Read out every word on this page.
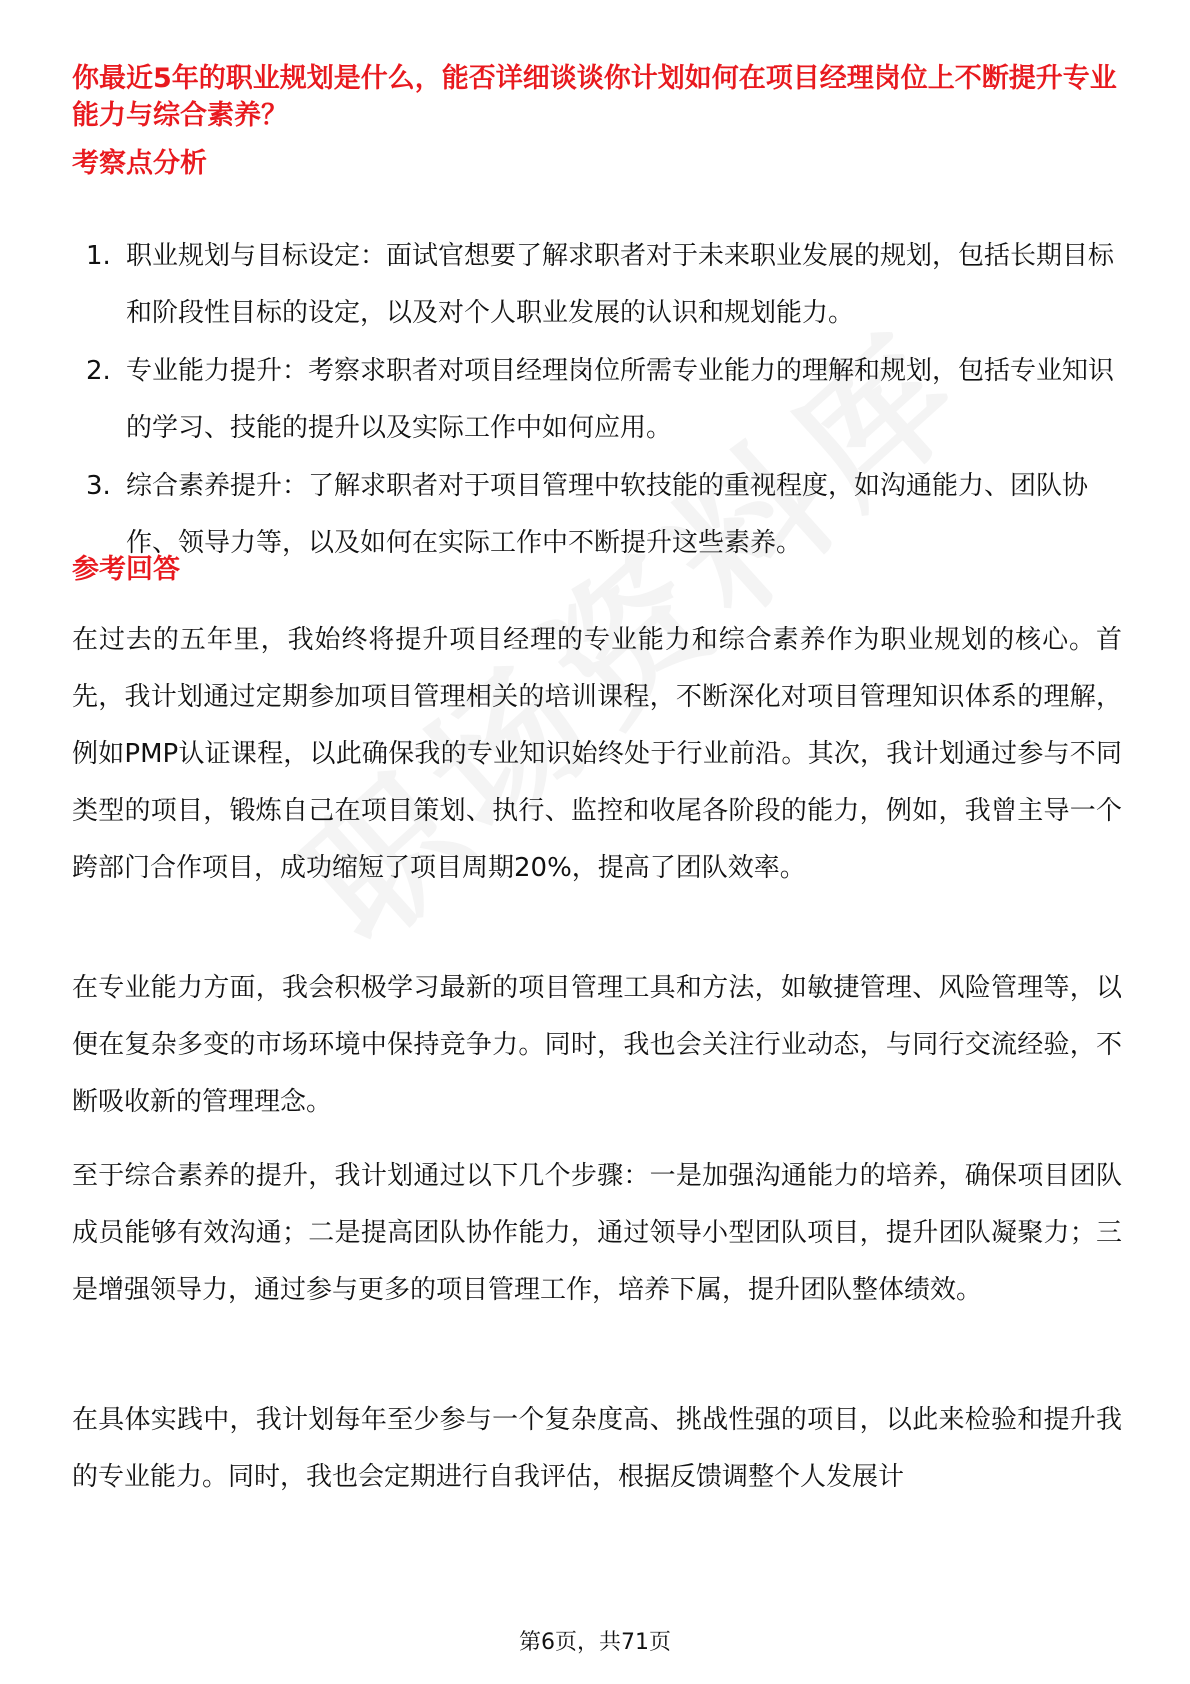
你最近5年的职业规划是什么，能否详细谈谈你计划如何在项目经理岗位上不断提升专业能力与综合素养？
考察点分析
1. 职业规划与目标设定：面试官想要了解求职者对于未来职业发展的规划，包括长期目标和阶段性目标的设定，以及对个人职业发展的认识和规划能力。
2. 专业能力提升：考察求职者对项目经理岗位所需专业能力的理解和规划，包括专业知识的学习、技能的提升以及实际工作中如何应用。
3. 综合素养提升：了解求职者对于项目管理中软技能的重视程度，如沟通能力、团队协作、领导力等，以及如何在实际工作中不断提升这些素养。
参考回答

在过去的五年里，我始终将提升项目经理的专业能力和综合素养作为职业规划的核心。首先，我计划通过定期参加项目管理相关的培训课程，不断深化对项目管理知识体系的理解，例如PMP认证课程，以此确保我的专业知识始终处于行业前沿。其次，我计划通过参与不同类型的项目，锻炼自己在项目策划、执行、监控和收尾各阶段的能力，例如，我曾主导一个跨部门合作项目，成功缩短了项目周期20%，提高了团队效率。

在专业能力方面，我会积极学习最新的项目管理工具和方法，如敏捷管理、风险管理等，以便在复杂多变的市场环境中保持竞争力。同时，我也会关注行业动态，与同行交流经验，不断吸收新的管理理念。

至于综合素养的提升，我计划通过以下几个步骤：一是加强沟通能力的培养，确保项目团队成员能够有效沟通；二是提高团队协作能力，通过领导小型团队项目，提升团队凝聚力；三是增强领导力，通过参与更多的项目管理工作，培养下属，提升团队整体绩效。

在具体实践中，我计划每年至少参与一个复杂度高、挑战性强的项目，以此来检验和提升我的专业能力。同时，我也会定期进行自我评估，根据反馈调整个人发展计

第6页，共71页
